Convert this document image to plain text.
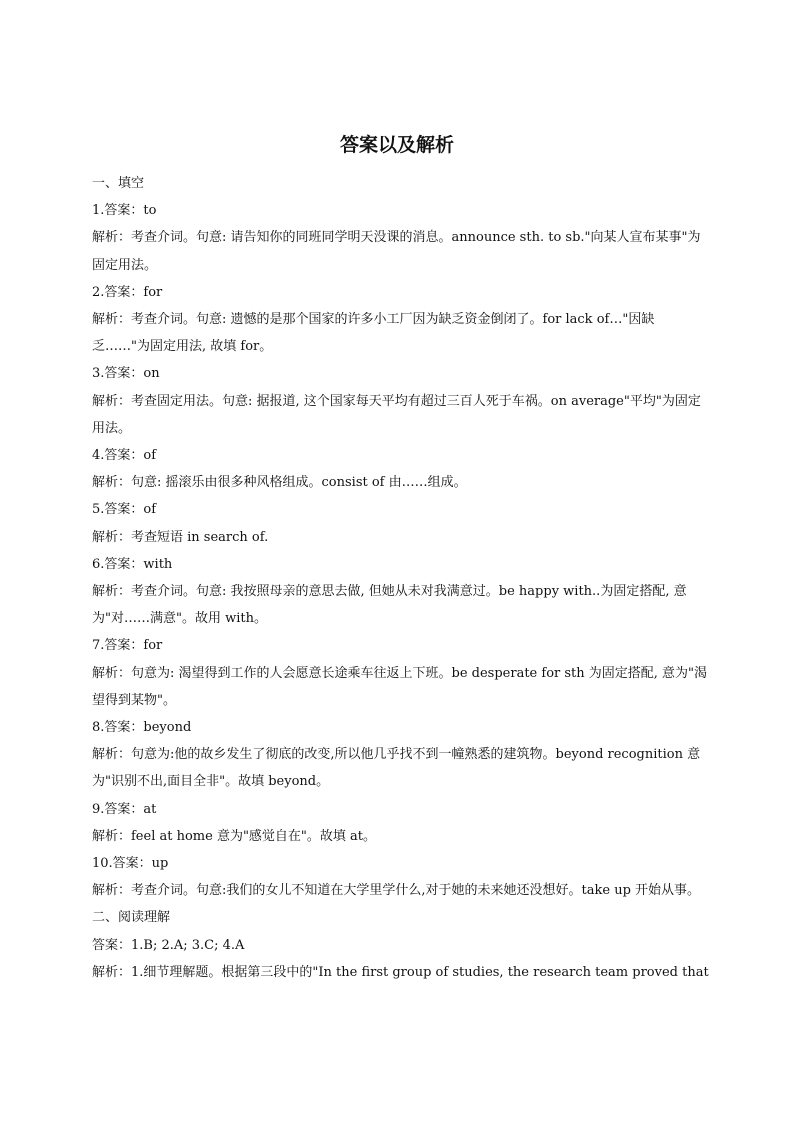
答案以及解析
一、填空
1.答案：to
解析：考查介词。句意: 请告知你的同班同学明天没课的消息。announce sth. to sb."向某人宣布某事"为固定用法。
2.答案：for
解析：考查介词。句意: 遗憾的是那个国家的许多小工厂因为缺乏资金倒闭了。for lack of…"因缺乏……"为固定用法, 故填 for。
3.答案：on
解析：考查固定用法。句意: 据报道, 这个国家每天平均有超过三百人死于车祸。on average"平均"为固定用法。
4.答案：of
解析：句意: 摇滚乐由很多种风格组成。consist of 由……组成。
5.答案：of
解析：考查短语 in search of.
6.答案：with
解析：考查介词。句意: 我按照母亲的意思去做, 但她从未对我满意过。be happy with..为固定搭配, 意为"对……满意"。故用 with。
7.答案：for
解析：句意为: 渴望得到工作的人会愿意长途乘车往返上下班。be desperate for sth 为固定搭配, 意为"渴望得到某物"。
8.答案：beyond
解析：句意为:他的故乡发生了彻底的改变,所以他几乎找不到一幢熟悉的建筑物。beyond recognition 意为"识别不出,面目全非"。故填 beyond。
9.答案：at
解析：feel at home 意为"感觉自在"。故填 at。
10.答案：up
解析：考查介词。句意:我们的女儿不知道在大学里学什么,对于她的未来她还没想好。take up 开始从事。
二、阅读理解
答案：1.B; 2.A; 3.C; 4.A
解析：1.细节理解题。根据第三段中的"In the first group of studies, the research team proved that
